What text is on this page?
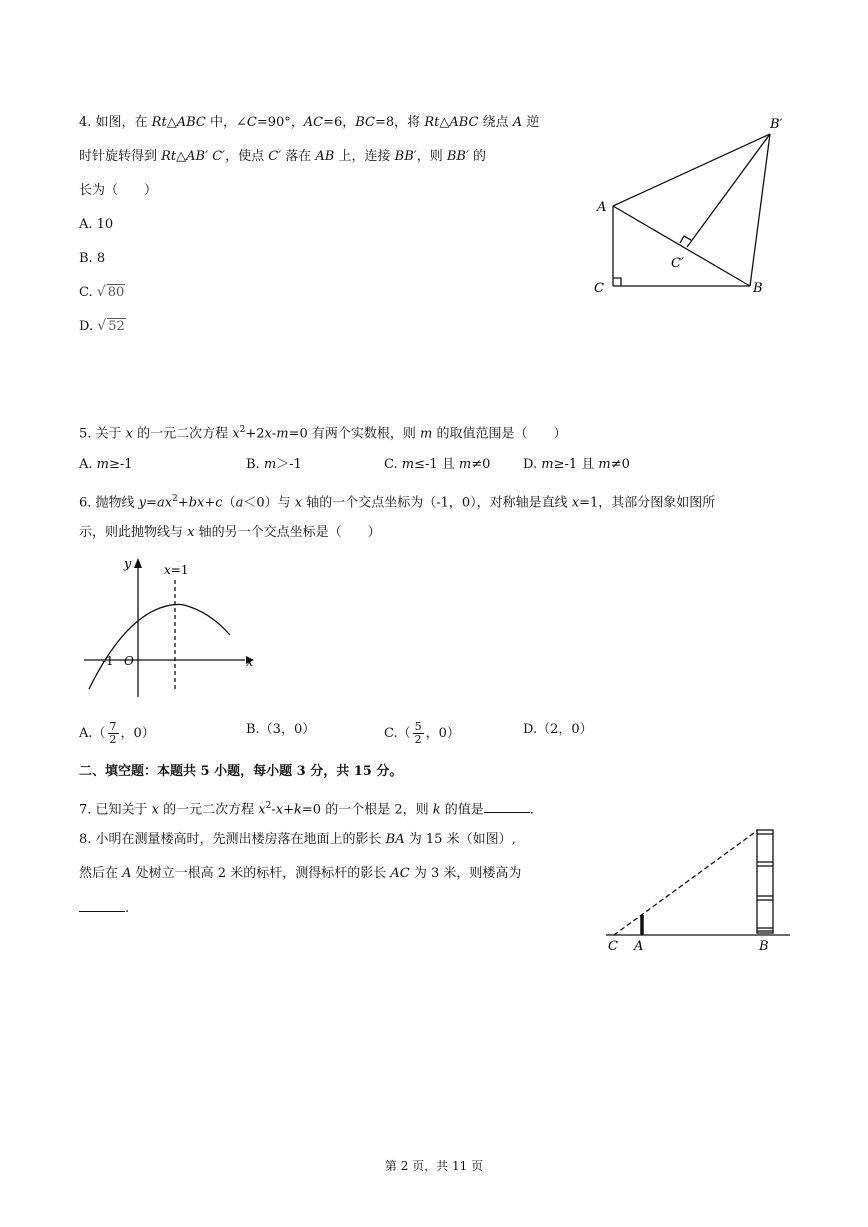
4. 如图，在 Rt△ABC 中，∠C=90°，AC=6，BC=8，将 Rt△ABC 绕点 A 逆
时针旋转得到 Rt△AB′ C′，使点 C′ 落在 AB 上，连接 BB′，则 BB′ 的
长为（　　）
A. 10
B. 8
C. √ 80
D. √ 52
A
B
C
B′
C′
5. 关于 x 的一元二次方程 $x^2+2x-m=0$ 有两个实数根，则 m 的取值范围是（　　）
A. m≥-1	B. m＞-1	C. m≤-1 且 m≠0	D. m≥-1 且 m≠0
6. 抛物线 $y=ax^2+bx+c(a<0)$与 x 轴的一个交点坐标为（-1，0），对称轴是直线 x=1，其部分图象如图所
示，则此抛物线与 x 轴的另一个交点坐标是（　　）
y
x
x=1
-1 O
$A.( \frac{7}{2}$ ，0）	B.（3，0）	$C.( \frac{5}{2}$ ，0）	D.（2，0）
二、填空题：本题共 5 小题，每小题 3 分，共 15 分。
7. 已知关于 x 的一元二次方程 $x^2-x+k=0$ 的一个根是 2，则 k 的值是	.
8. 小明在测量楼高时，先测出楼房落在地面上的影长 BA 为 15 米（如图）,
然后在 A 处树立一根高 2 米的标杆，测得标杆的影长 AC 为 3 米，则楼高为
.
C A	B
第 2 页，共 11 页
